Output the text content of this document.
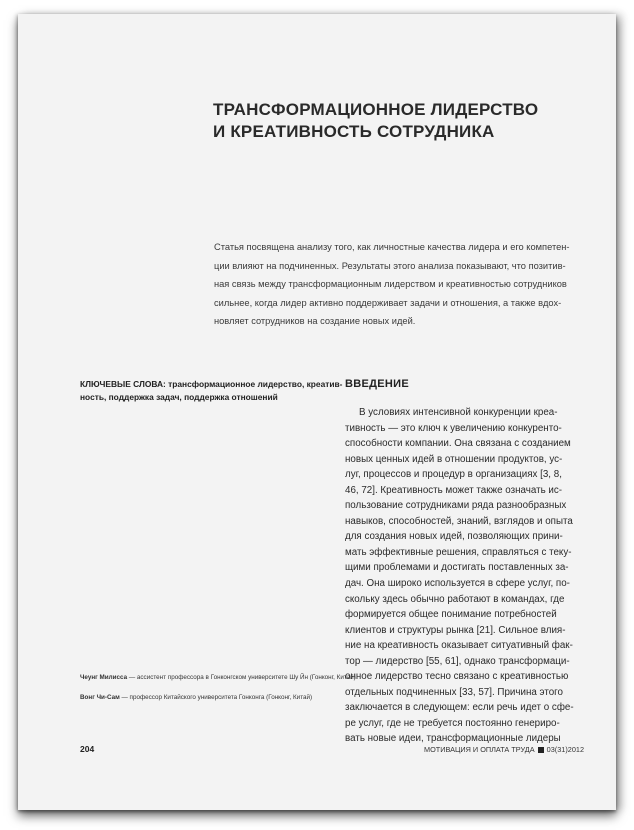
ТРАНСФОРМАЦИОННОЕ ЛИДЕРСТВО
И КРЕАТИВНОСТЬ СОТРУДНИКА
Статья посвящена анализу того, как личностные качества лидера и его компетен-
ции влияют на подчиненных. Результаты этого анализа показывают, что позитив-
ная связь между трансформационным лидерством и креативностью сотрудников
сильнее, когда лидер активно поддерживает задачи и отношения, а также вдох-
новляет сотрудников на создание новых идей.
КЛЮЧЕВЫЕ СЛОВА: трансформационное лидерство, креатив-
ность, поддержка задач, поддержка отношений
ВВЕДЕНИЕ
В условиях интенсивной конкуренции креа-
тивность — это ключ к увеличению конкуренто-
способности компании. Она связана с созданием
новых ценных идей в отношении продуктов, ус-
луг, процессов и процедур в организациях [3, 8,
46, 72]. Креативность может также означать ис-
пользование сотрудниками ряда разнообразных
навыков, способностей, знаний, взглядов и опыта
для создания новых идей, позволяющих прини-
мать эффективные решения, справляться с теку-
щими проблемами и достигать поставленных за-
дач. Она широко используется в сфере услуг, по-
скольку здесь обычно работают в командах, где
формируется общее понимание потребностей
клиентов и структуры рынка [21]. Сильное влия-
ние на креативность оказывает ситуативный фак-
тор — лидерство [55, 61], однако трансформаци-
онное лидерство тесно связано с креативностью
отдельных подчиненных [33, 57]. Причина этого
заключается в следующем: если речь идет о сфе-
ре услуг, где не требуется постоянно генериро-
вать новые идеи, трансформационные лидеры
Чеунг Милисса — ассистент профессора в Гонконгском университете Шу Йн (Гонконг, Китай)
Вонг Чи-Сам — профессор Китайского университета Гонконга (Гонконг, Китай)
204	МОТИВАЦИЯ И ОПЛАТА ТРУДА 03(31)2012
